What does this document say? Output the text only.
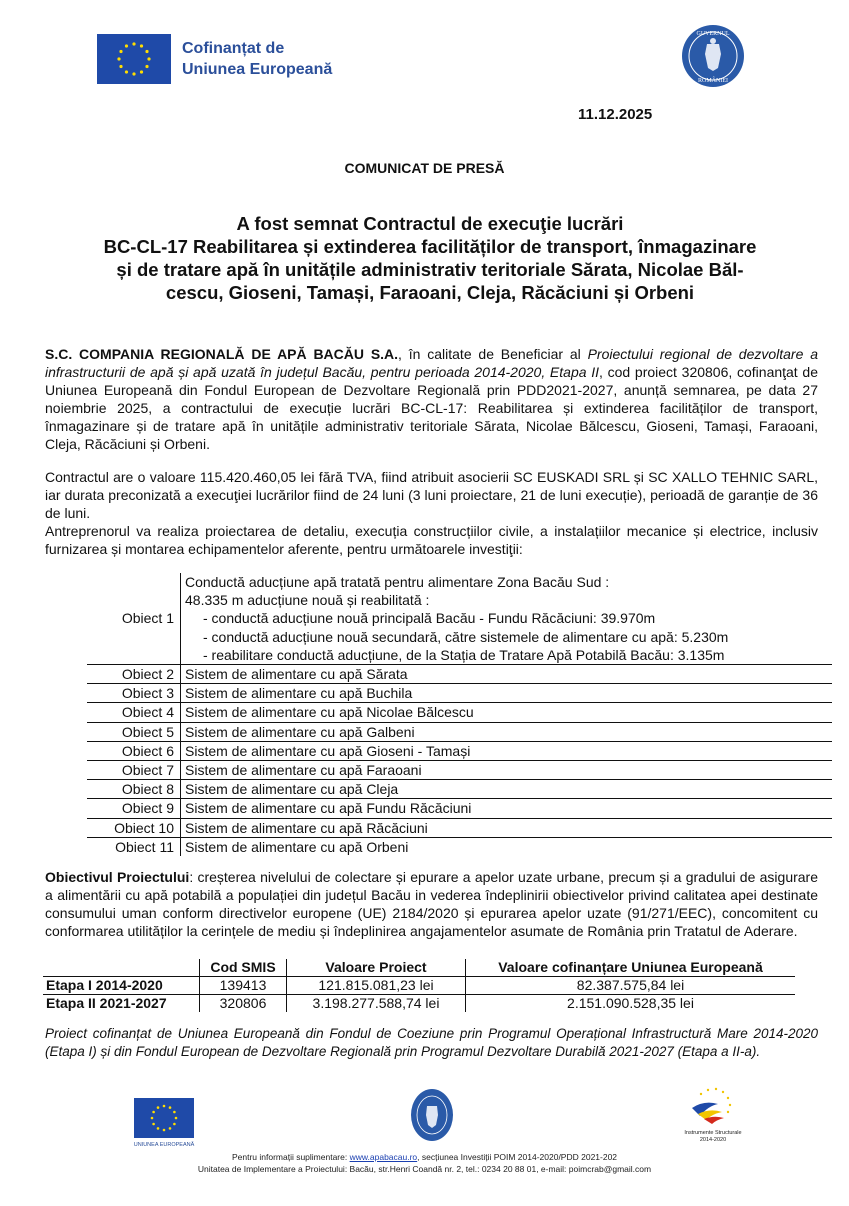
Cofinanțat de
Uniunea Europeană
GUVERNUL
ROMÂNIEI
11.12.2025
COMUNICAT DE PRESĂ
A fost semnat Contractul de execuţie lucrări
BC-CL-17 Reabilitarea și extinderea facilităților de transport, înmagazinare
și de tratare apă în unitățile administrativ teritoriale Sărata, Nicolae Băl-
cescu, Gioseni, Tamași, Faraoani, Cleja, Răcăciuni și Orbeni
S.C. COMPANIA REGIONALĂ DE APĂ BACĂU S.A., în calitate de Beneficiar al Proiectului regional de dezvoltare a infrastructurii de apă și apă uzată în județul Bacău, pentru perioada 2014-2020, Etapa II, cod proiect 320806, cofinanţat de Uniunea Europeană din Fondul European de Dezvoltare Regională prin PDD2021-2027, anunță semnarea, pe data 27 noiembrie 2025, a contractului de execuție lucrări BC-CL-17: Reabilitarea și extinderea facilităților de transport, înmagazinare și de tratare apă în unitățile administrativ teritoriale Sărata, Nicolae Bălcescu, Gioseni, Tamași, Faraoani, Cleja, Răcăciuni și Orbeni.
Contractul are o valoare 115.420.460,05 lei fără TVA, fiind atribuit asocierii SC EUSKADI SRL și SC XALLO TEHNIC SARL, iar durata preconizată a execuţiei lucrărilor fiind de 24 luni (3 luni proiectare, 21 de luni execuție), perioadă de garanție de 36 de luni.
Antreprenorul va realiza proiectarea de detaliu, execuția construcțiilor civile, a instalațiilor mecanice și electrice, inclusiv furnizarea și montarea echipamentelor aferente, pentru următoarele investiţii:
Obiect 1	Conductă aducțiune apă tratată pentru alimentare Zona Bacău Sud :
48.335 m aducțiune nouă și reabilitată :
- conductă aducțiune nouă principală Bacău - Fundu Răcăciuni: 39.970m
- conductă aducțiune nouă secundară, către sistemele de alimentare cu apă: 5.230m
- reabilitare conductă aducțiune, de la Stația de Tratare Apă Potabilă Bacău: 3.135m

Obiect 2	Sistem de alimentare cu apă Sărata
Obiect 3	Sistem de alimentare cu apă Buchila
Obiect 4	Sistem de alimentare cu apă Nicolae Bălcescu
Obiect 5	Sistem de alimentare cu apă Galbeni
Obiect 6	Sistem de alimentare cu apă Gioseni - Tamași
Obiect 7	Sistem de alimentare cu apă Faraoani
Obiect 8	Sistem de alimentare cu apă Cleja
Obiect 9	Sistem de alimentare cu apă Fundu Răcăciuni
Obiect 10	Sistem de alimentare cu apă Răcăciuni
Obiect 11	Sistem de alimentare cu apă Orbeni
Obiectivul Proiectului: creșterea nivelului de colectare și epurare a apelor uzate urbane, precum și a gradului de asigurare a alimentării cu apă potabilă a populației din județul Bacău in vederea îndeplinirii obiectivelor privind calitatea apei destinate consumului uman conform directivelor europene (UE) 2184/2020 și epurarea apelor uzate (91/271/EEC), concomitent cu conformarea utilităților la cerințele de mediu și îndeplinirea angajamentelor asumate de România prin Tratatul de Aderare.
	Cod SMIS	Valoare Proiect	Valoare cofinanțare Uniunea Europeană
Etapa I 2014-2020	139413	121.815.081,23 lei	82.387.575,84 lei
Etapa II 2021-2027	320806	3.198.277.588,74 lei	2.151.090.528,35 lei
Proiect cofinanțat de Uniunea Europeană din Fondul de Coeziune prin Programul Operațional Infrastructură Mare 2014-2020 (Etapa I) și din Fondul European de Dezvoltare Regională prin Programul Dezvoltare Durabilă 2021-2027 (Etapa a II-a).
UNIUNEA EUROPEANĂ
Instrumente Structurale
2014-2020
Pentru informații suplimentare: www.apabacau.ro, secțiunea Investiții POIM 2014-2020/PDD 2021-202
Unitatea de Implementare a Proiectului: Bacău, str.Henri Coandă nr. 2, tel.: 0234 20 88 01, e-mail: poimcrab@gmail.com
